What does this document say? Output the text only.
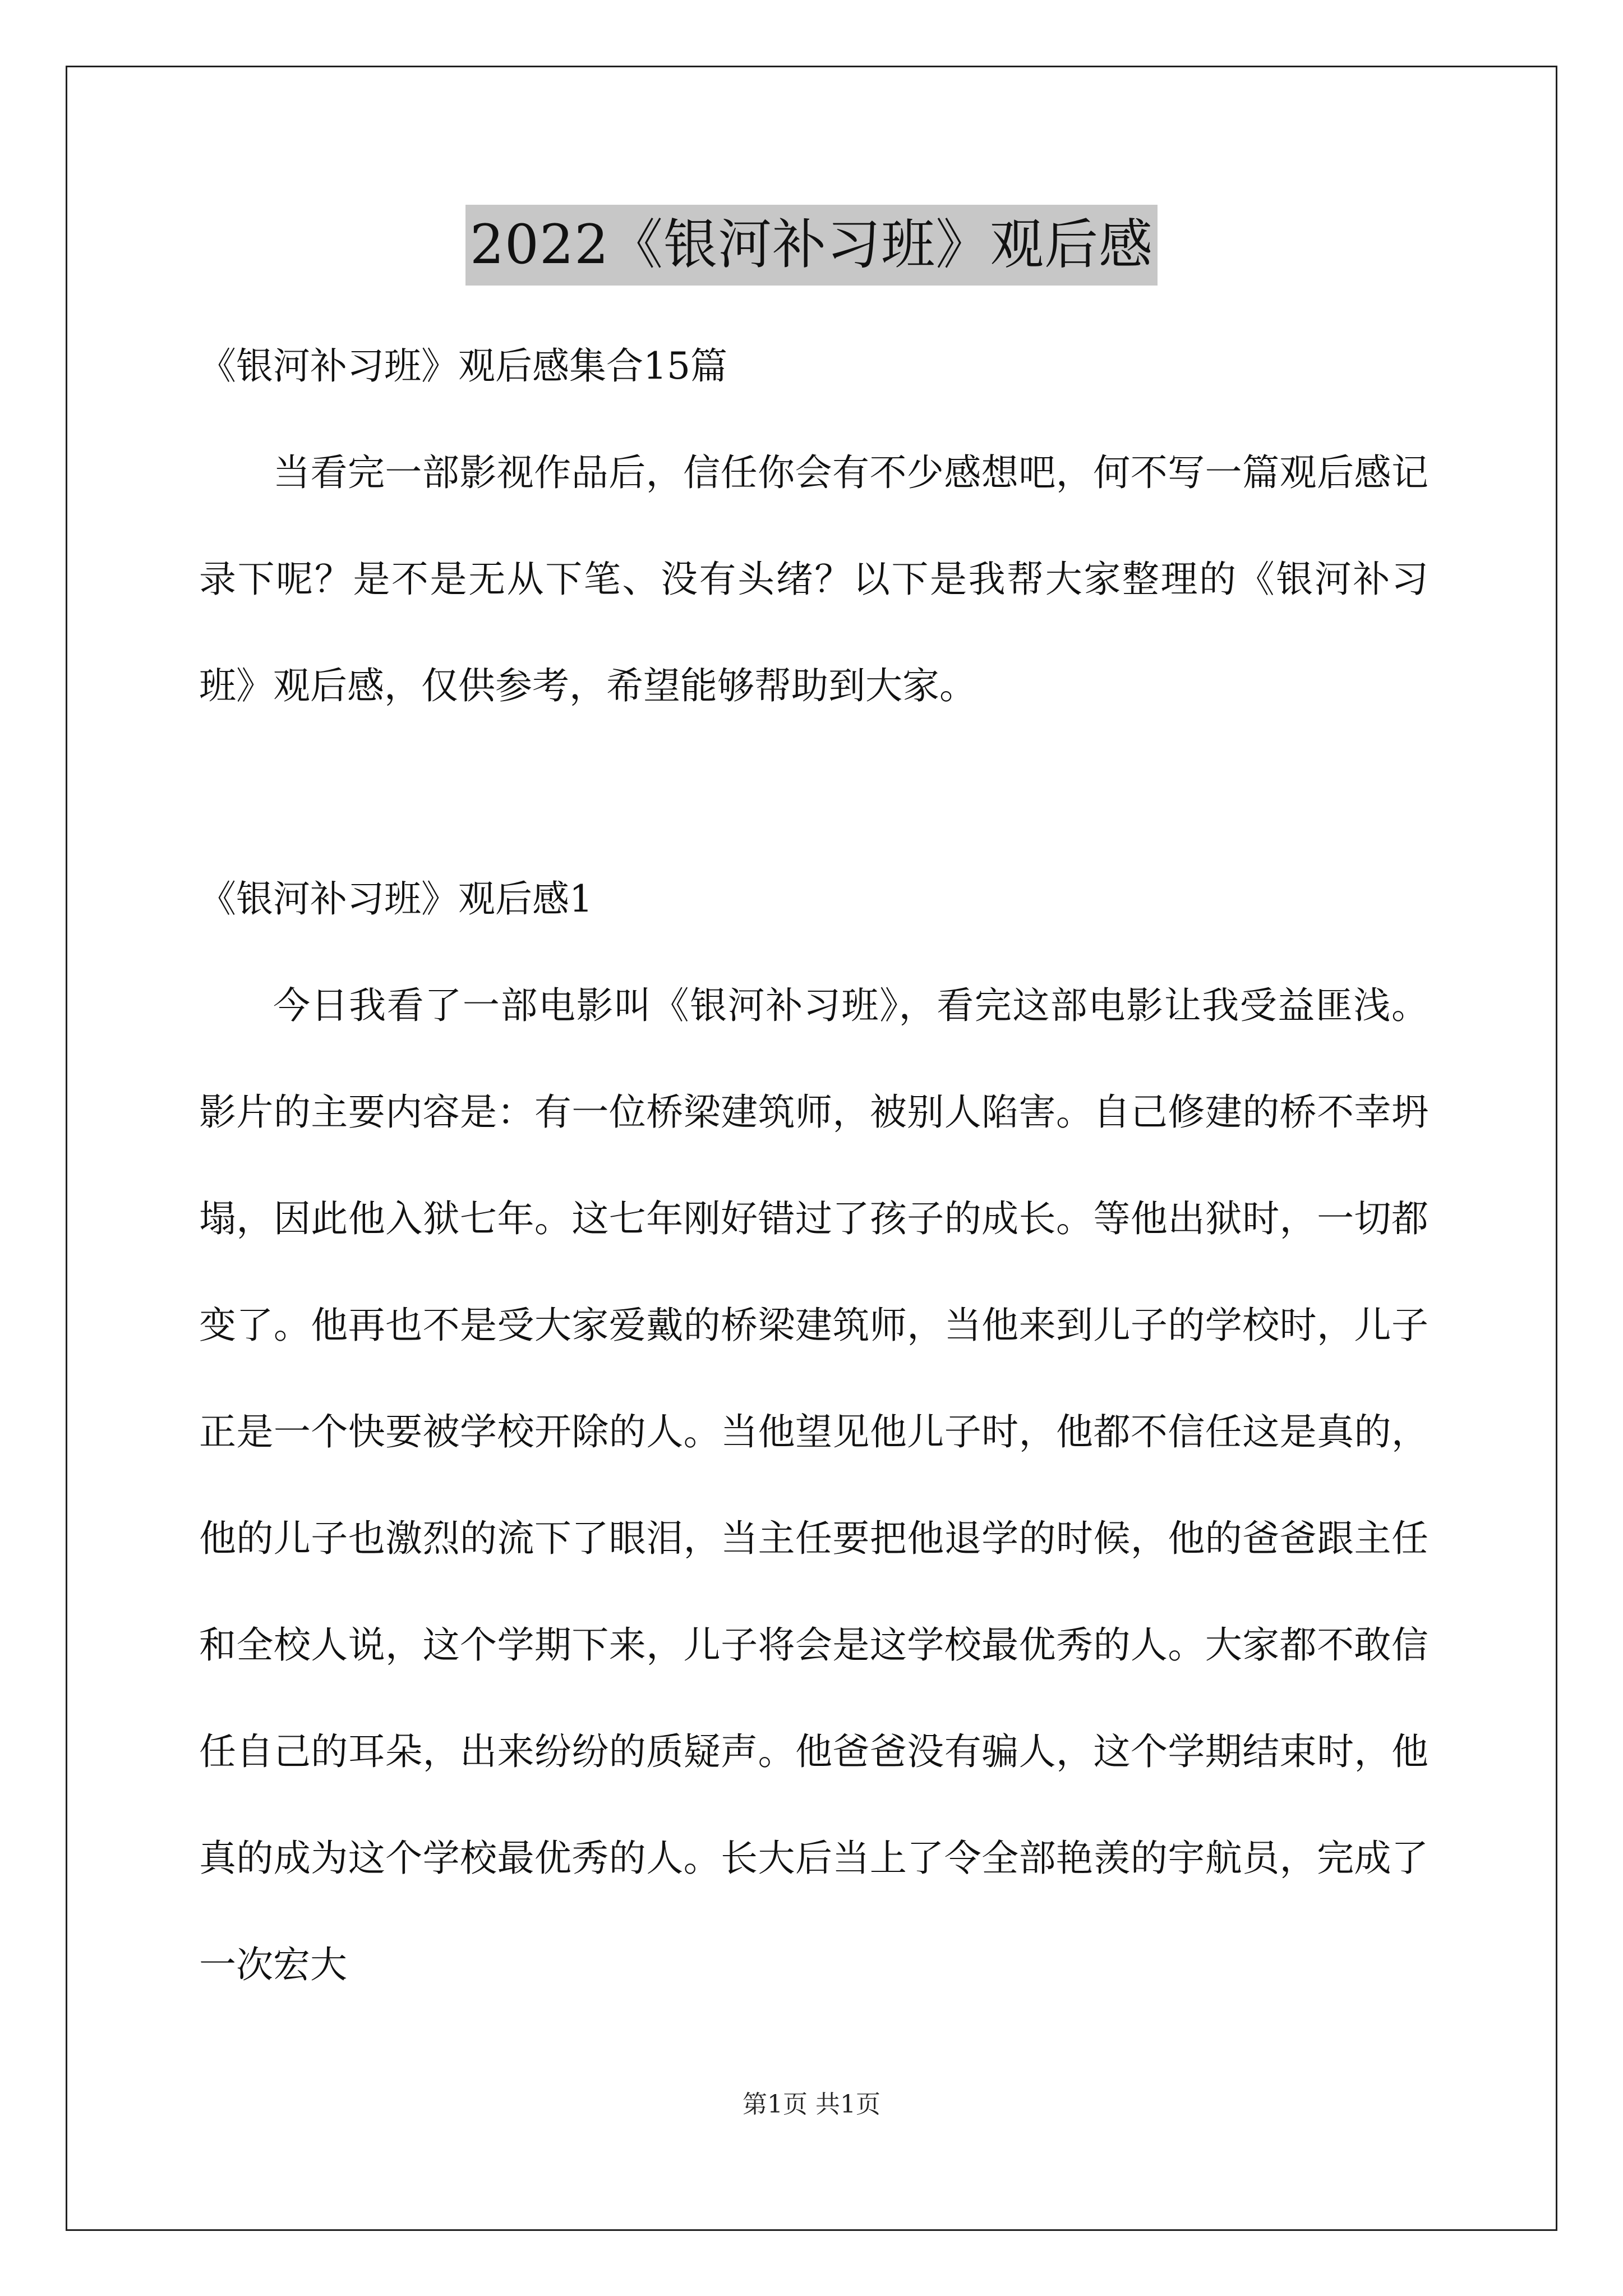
2022《银河补习班》观后感
《银河补习班》观后感集合15篇

当看完一部影视作品后，信任你会有不少感想吧，何不写一篇观后感记录下呢？是不是无从下笔、没有头绪？以下是我帮大家整理的《银河补习班》观后感，仅供参考，希望能够帮助到大家。

《银河补习班》观后感1

今日我看了一部电影叫《银河补习班》，看完这部电影让我受益匪浅。影片的主要内容是：有一位桥梁建筑师，被别人陷害。自己修建的桥不幸坍塌，因此他入狱七年。这七年刚好错过了孩子的成长。等他出狱时，一切都变了。他再也不是受大家爱戴的桥梁建筑师，当他来到儿子的学校时，儿子正是一个快要被学校开除的人。当他望见他儿子时，他都不信任这是真的，他的儿子也激烈的流下了眼泪，当主任要把他退学的时候，他的爸爸跟主任和全校人说，这个学期下来，儿子将会是这学校最优秀的人。大家都不敢信任自己的耳朵，出来纷纷的质疑声。他爸爸没有骗人，这个学期结束时，他真的成为这个学校最优秀的人。长大后当上了令全部艳羡的宇航员，完成了一次宏大

第1页 共1页
